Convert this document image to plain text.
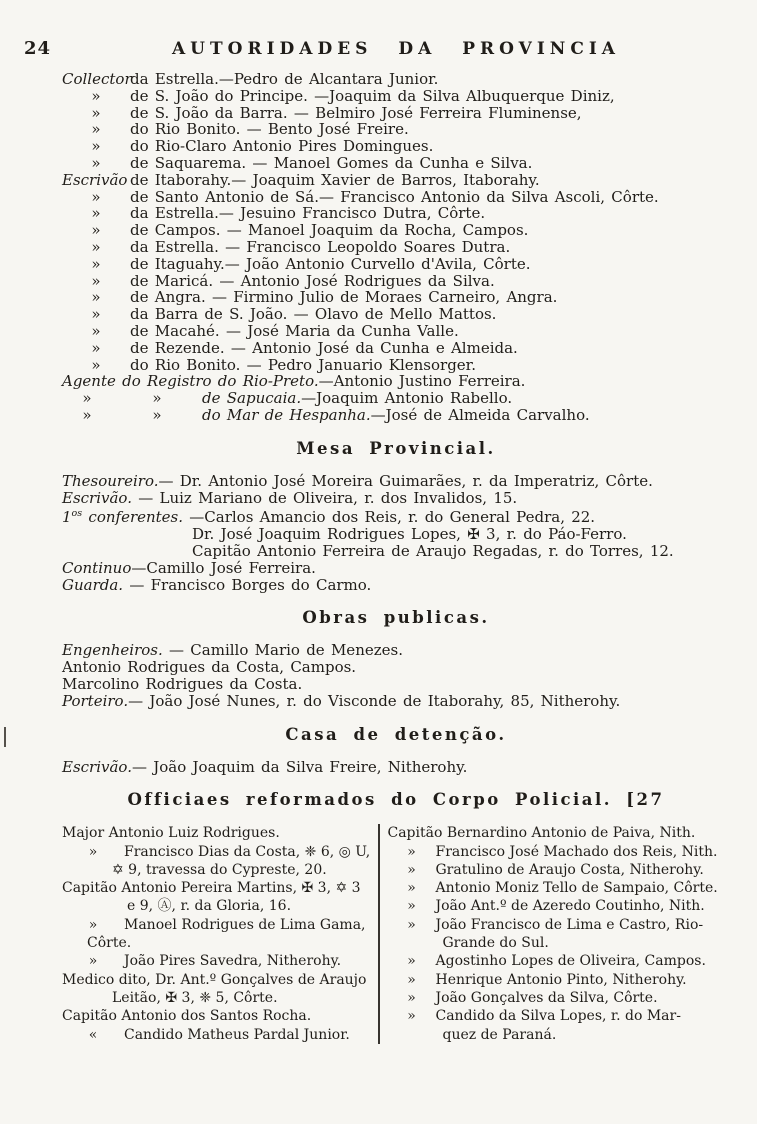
24	AUTORIDADES DA PROVINCIA
Collectorda Estrella.—Pedro de Alcantara Junior.
» de S. João do Principe. —Joaquim da Silva Albuquerque Diniz,
» de S. João da Barra. — Belmiro José Ferreira Fluminense,
» do Rio Bonito. — Bento José Freire.
» do Rio-Claro Antonio Pires Domingues.
» de Saquarema. — Manoel Gomes da Cunha e Silva.
Escrivão de Itaborahy.— Joaquim Xavier de Barros, Itaborahy.
» de Santo Antonio de Sá.— Francisco Antonio da Silva Ascoli, Côrte.
» da Estrella.— Jesuino Francisco Dutra, Côrte.
» de Campos. — Manoel Joaquim da Rocha, Campos.
» da Estrella. — Francisco Leopoldo Soares Dutra.
» de Itaguahy.— João Antonio Curvello d'Avila, Côrte.
» de Maricá. — Antonio José Rodrigues da Silva.
» de Angra. — Firmino Julio de Moraes Carneiro, Angra.
» da Barra de S. João. — Olavo de Mello Mattos.
» de Macahé. — José Maria da Cunha Valle.
» de Rezende. — Antonio José da Cunha e Almeida.
» do Rio Bonito. — Pedro Januario Klensorger.
Agente do Registro do Rio-Preto.—Antonio Justino Ferreira.
»	»	de Sapucaia.—Joaquim Antonio Rabello.
»	»	do Mar de Hespanha.—José de Almeida Carvalho.
Mesa Provincial.
Thesoureiro.— Dr. Antonio José Moreira Guimarães, r. da Imperatriz, Côrte.
Escrivão. — Luiz Mariano de Oliveira, r. dos Invalidos, 15.
$1^{os}$ conferentes. —Carlos Amancio dos Reis, r. do General Pedra, 22.
Dr. José Joaquim Rodrigues Lopes, ✠ 3, r. do Páo-Ferro.
Capitão Antonio Ferreira de Araujo Regadas, r. do Torres, 12.
Continuo—Camillo José Ferreira.
Guarda. — Francisco Borges do Carmo.
Obras publicas.
Engenheiros. — Camillo Mario de Menezes.
Antonio Rodrigues da Costa, Campos.
Marcolino Rodrigues da Costa.
Porteiro.— João José Nunes, r. do Visconde de Itaborahy, 85, Nitherohy.
Casa de detenção.
Escrivão.— João Joaquim da Silva Freire, Nitherohy.
Officiaes reformados do Corpo Policial. [27
Major Antonio Luiz Rodrigues.
» Francisco Dias da Costa, ❈ 6, ◎ U,
✡ 9, travessa do Cypreste, 20.
Capitão Antonio Pereira Martins, ✠ 3, ✡ 3
e 9, Ⓐ, r. da Gloria, 16.
» Manoel Rodrigues de Lima Gama,
Côrte.
» João Pires Savedra, Nitherohy.
Medico dito, Dr. Ant.º Gonçalves de Araujo
Leitão, ✠ 3, ❈ 5, Côrte.
Capitão Antonio dos Santos Rocha.
« Candido Matheus Pardal Junior.
Capitão Bernardino Antonio de Paiva, Nith.
» Francisco José Machado dos Reis, Nith.
» Gratulino de Araujo Costa, Nitherohy.
» Antonio Moniz Tello de Sampaio, Côrte.
» João Ant.º de Azeredo Coutinho, Nith.
» João Francisco de Lima e Castro, Rio-
Grande do Sul.
» Agostinho Lopes de Oliveira, Campos.
» Henrique Antonio Pinto, Nitherohy.
» João Gonçalves da Silva, Côrte.
» Candido da Silva Lopes, r. do Mar-
quez de Paraná.
